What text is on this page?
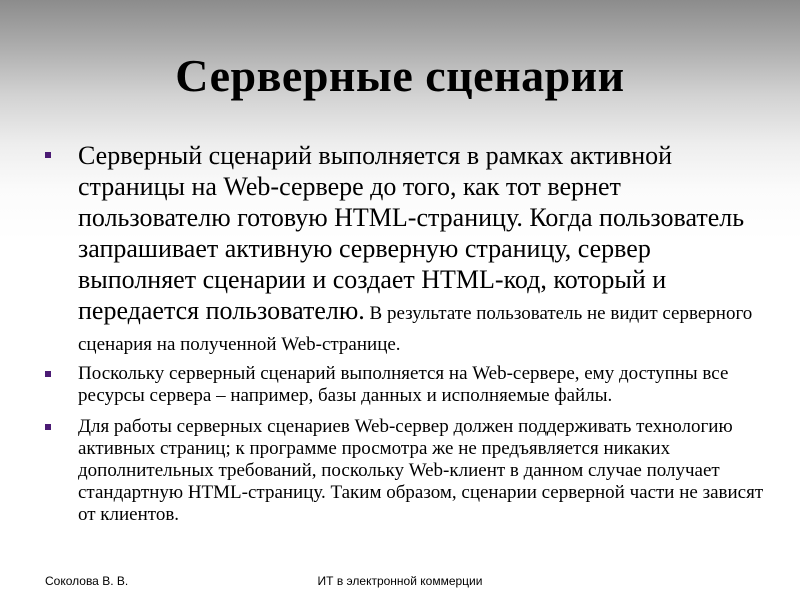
Серверные сценарии
Серверный сценарий выполняется в рамках активной страницы на Web-сервере до того, как тот вернет пользователю готовую HTML-страницу. Когда пользователь запрашивает активную серверную страницу, сервер выполняет сценарии и создает HTML-код, который и передается пользователю. В результате пользователь не видит серверного сценария на полученной Web-странице.
Поскольку серверный сценарий выполняется на Web-сервере, ему доступны все ресурсы сервера – например, базы данных и исполняемые файлы.
Для работы серверных сценариев Web-сервер должен поддерживать технологию активных страниц; к программе просмотра же не предъявляется никаких дополнительных требований, поскольку Web-клиент в данном случае получает стандартную HTML-страницу. Таким образом, сценарии серверной части не зависят от клиентов.
Соколова В. В.	ИТ в электронной коммерции
